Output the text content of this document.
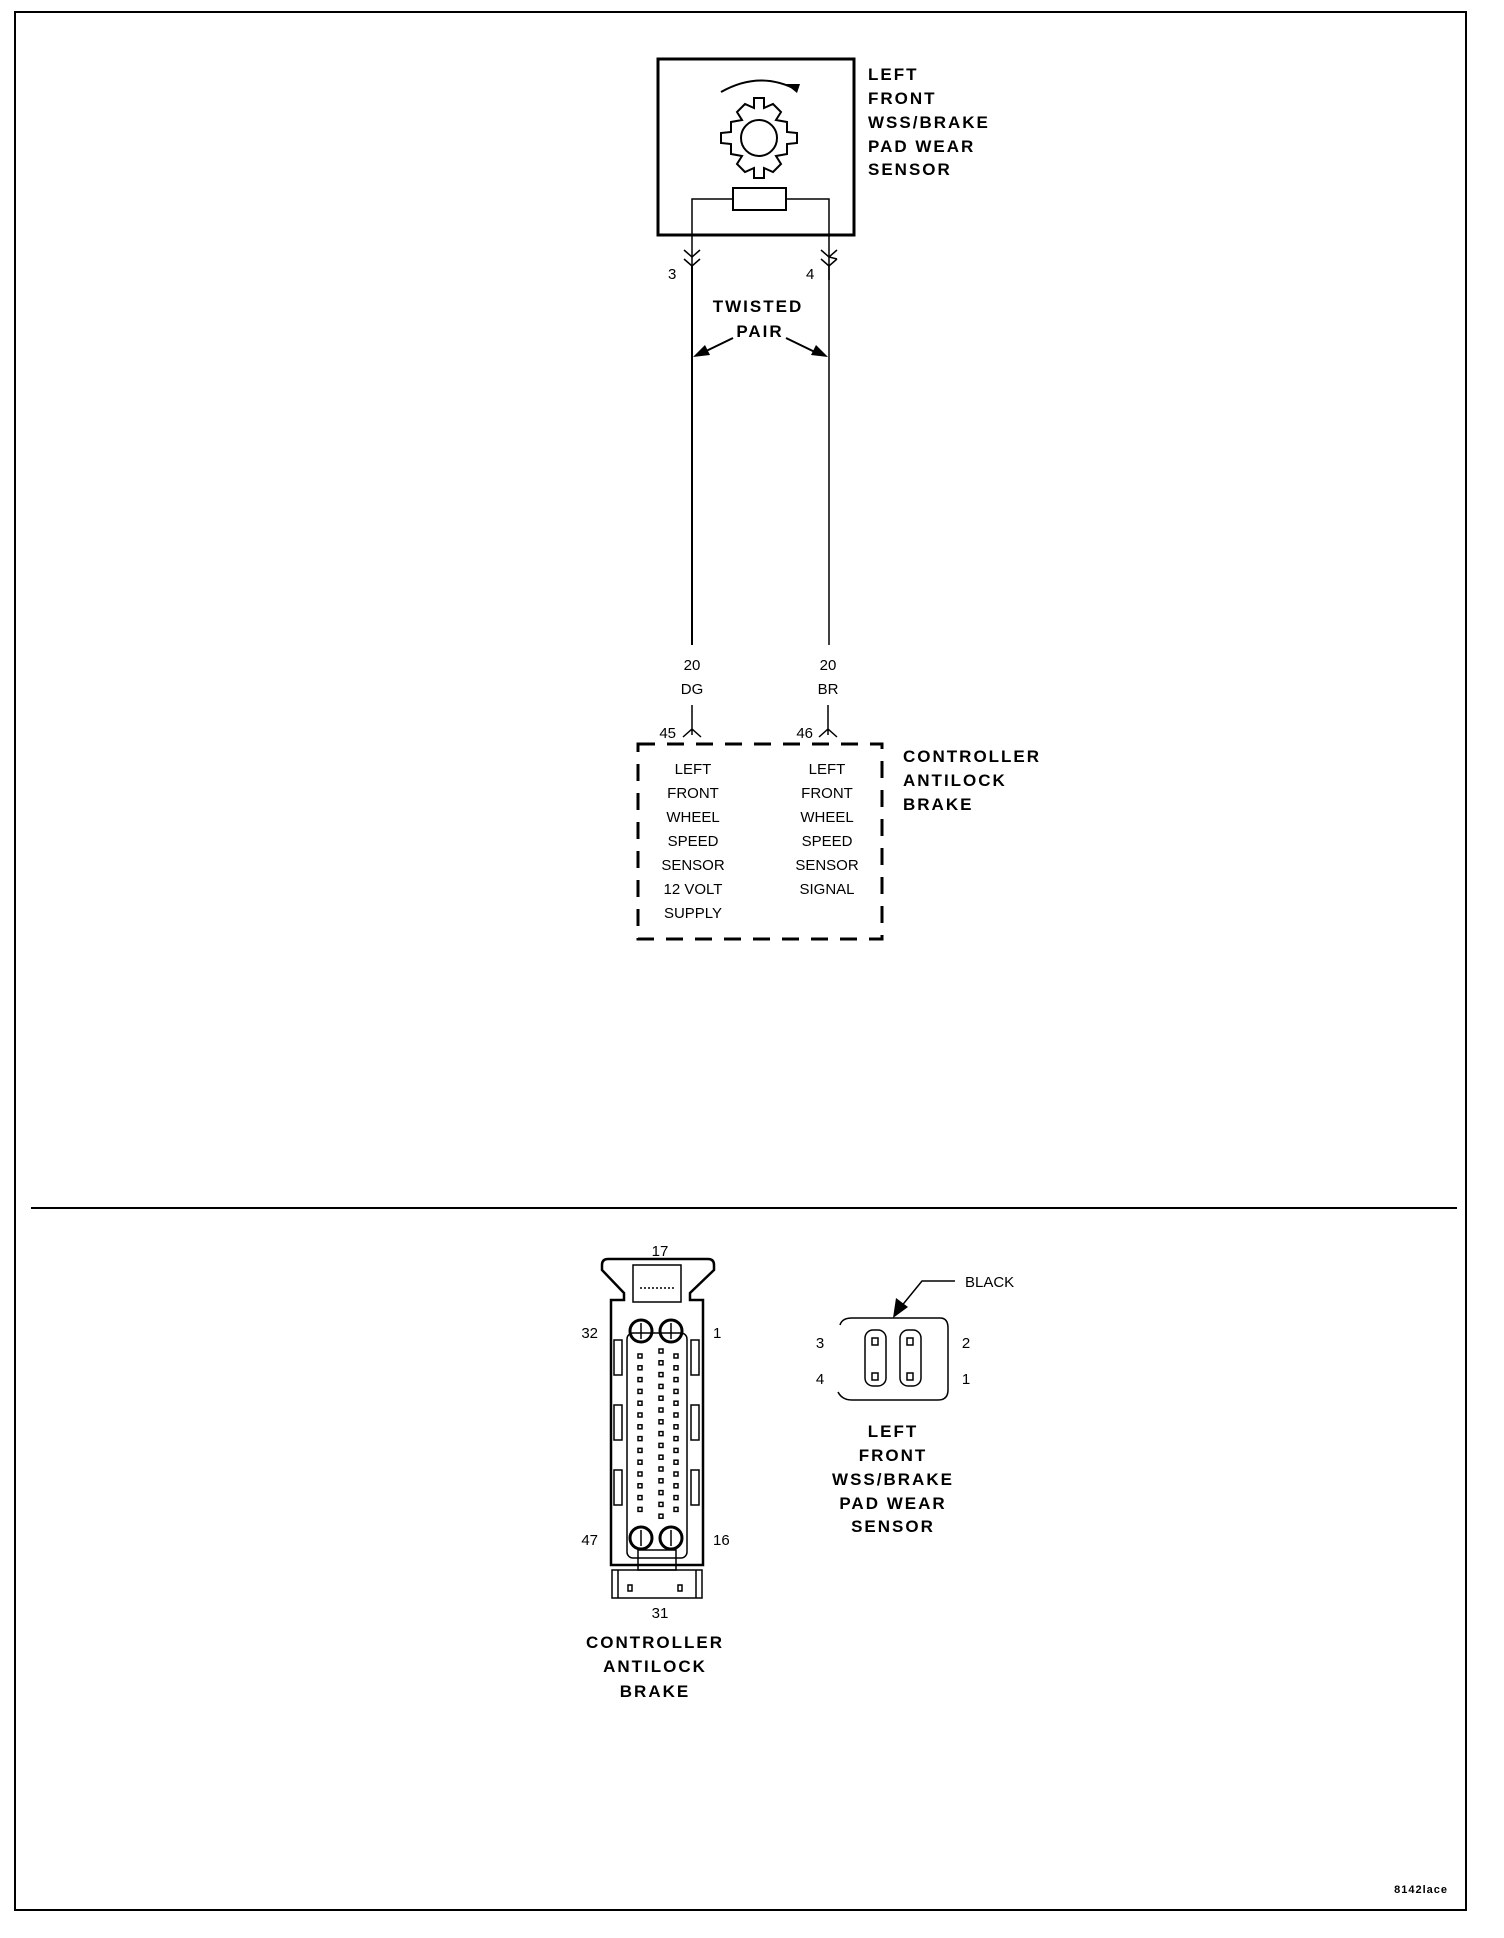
LEFT
FRONT
WSS/BRAKE
PAD WEAR
SENSOR
3	4
TWISTED
PAIR
20
DG
20
BR
45	46
LEFT
FRONT
WHEEL
SPEED
SENSOR
12 VOLT
SUPPLY
LEFT
FRONT
WHEEL
SPEED
SENSOR
SIGNAL
CONTROLLER
ANTILOCK
BRAKE
17
32	1
47	16
31
CONTROLLER
ANTILOCK
BRAKE
BLACK
3
4
2
1
LEFT
FRONT
WSS/BRAKE
PAD WEAR
SENSOR
8142lace
